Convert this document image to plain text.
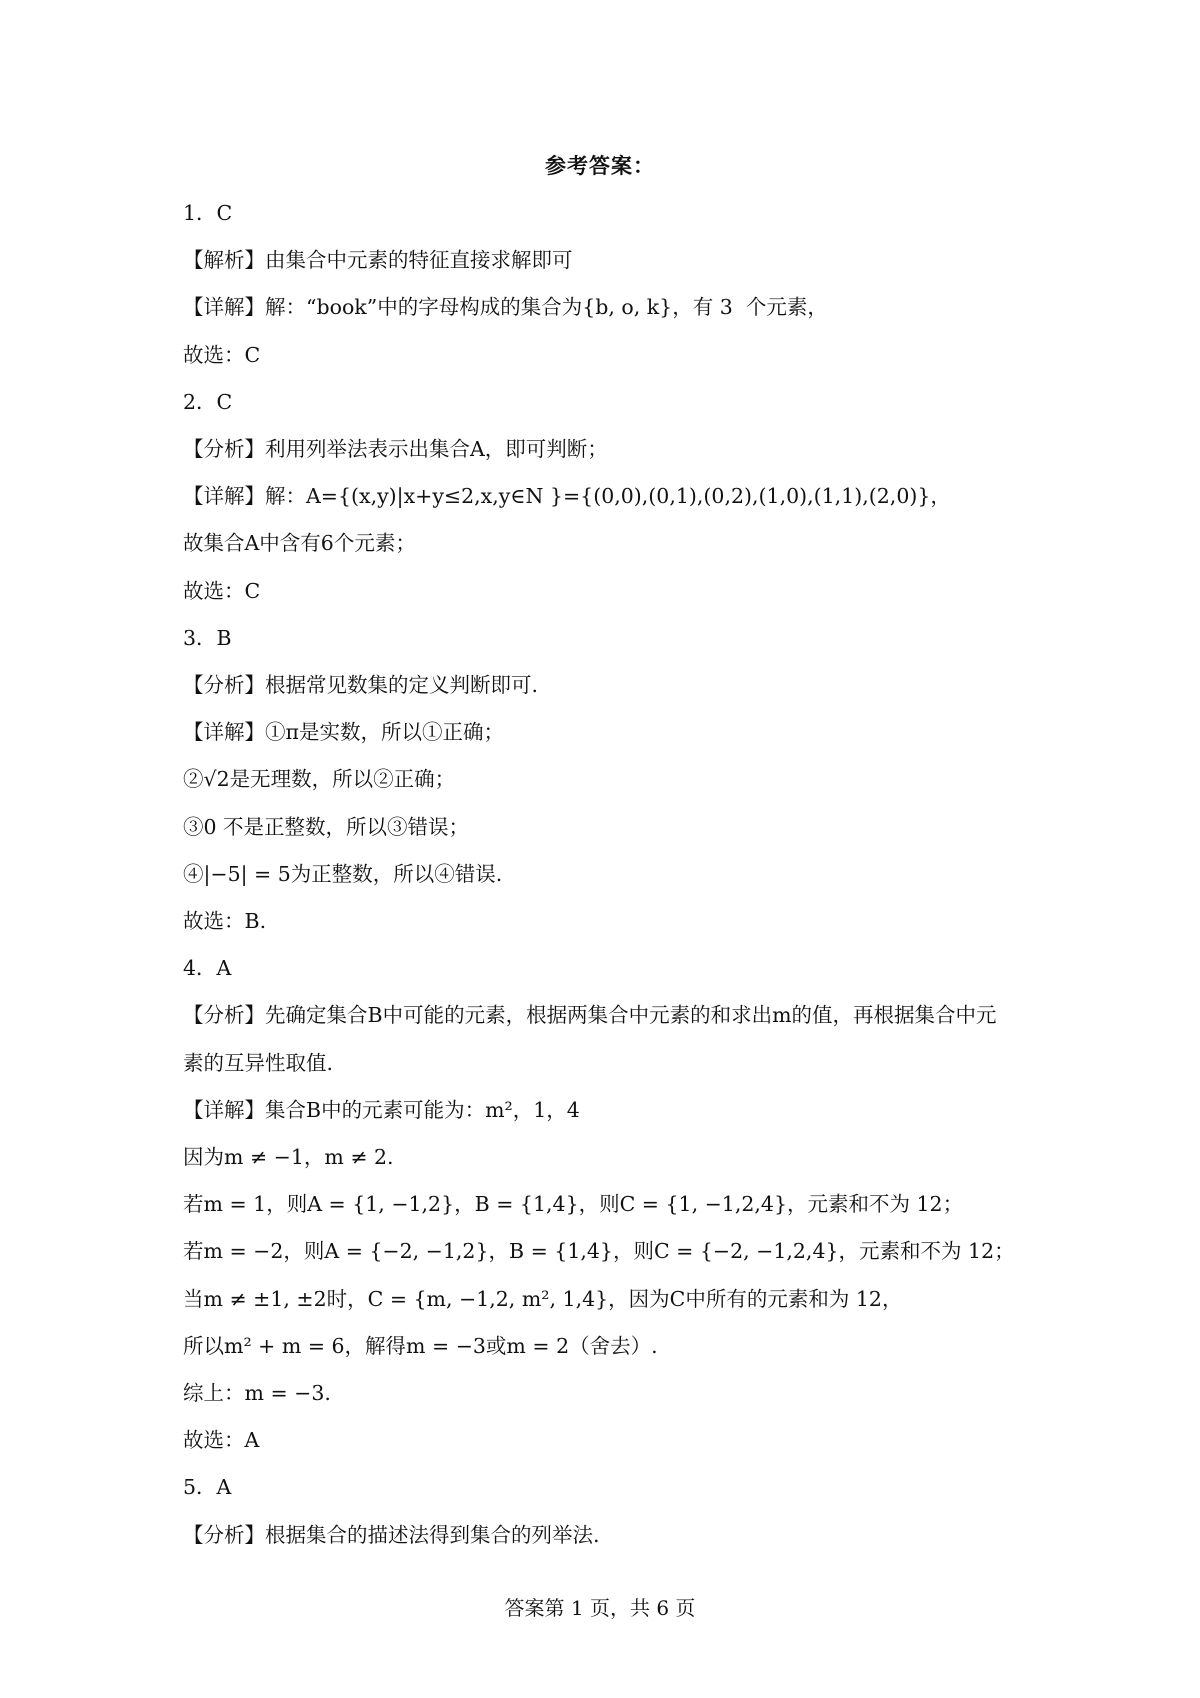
参考答案：

1．C

【解析】由集合中元素的特征直接求解即可

【详解】解：“book”中的字母构成的集合为{b, o, k}，有 3  个元素，

故选：C

2．C

【分析】利用列举法表示出集合A，即可判断；

【详解】解：A={(x,y)|x+y≤2,x,y∈N }={(0,0),(0,1),(0,2),(1,0),(1,1),(2,0)}，

故集合A中含有6个元素；

故选：C

3．B

【分析】根据常见数集的定义判断即可.

【详解】①π是实数，所以①正确；

②√2是无理数，所以②正确；

③0 不是正整数，所以③错误；

④|−5| = 5为正整数，所以④错误.

故选：B.

4．A

【分析】先确定集合B中可能的元素，根据两集合中元素的和求出m的值，再根据集合中元

素的互异性取值.

【详解】集合B中的元素可能为：m²，1，4

因为m ≠ −1，m ≠ 2.

若m = 1，则A = {1, −1,2}，B = {1,4}，则C = {1, −1,2,4}，元素和不为 12；

若m = −2，则A = {−2, −1,2}，B = {1,4}，则C = {−2, −1,2,4}，元素和不为 12；

当m ≠ ±1, ±2时，C = {m, −1,2, m², 1,4}，因为C中所有的元素和为 12，

所以m² + m = 6，解得m = −3或m = 2（舍去）.

综上：m = −3.

故选：A

5．A

【分析】根据集合的描述法得到集合的列举法.

答案第 1 页，共 6 页
